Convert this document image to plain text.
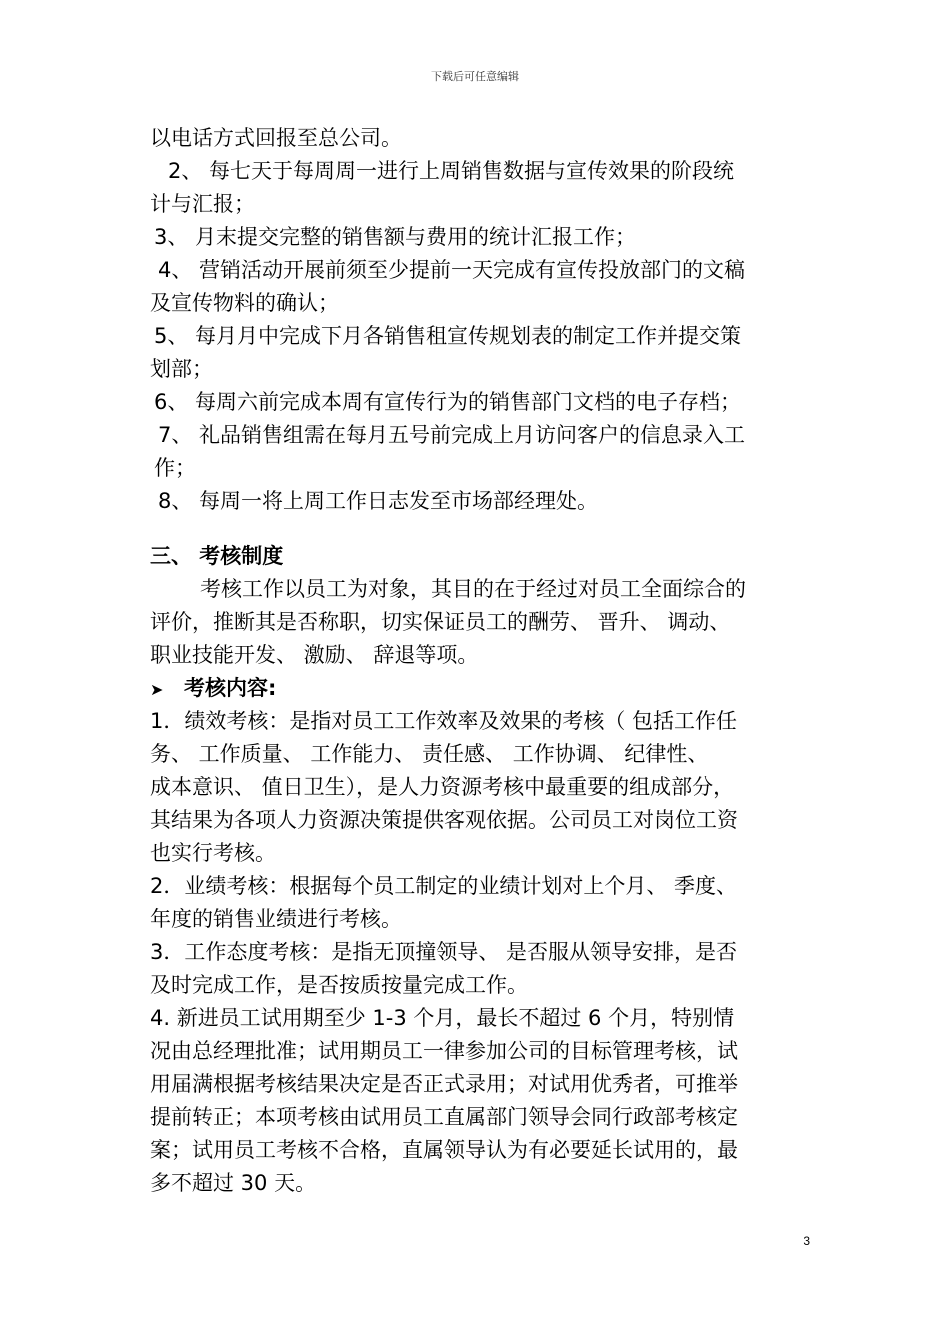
下载后可任意编辑
以电话方式回报至总公司。
2、 每七天于每周周一进行上周销售数据与宣传效果的阶段统
计与汇报；
3、 月末提交完整的销售额与费用的统计汇报工作；
4、 营销活动开展前须至少提前一天完成有宣传投放部门的文稿
及宣传物料的确认；
5、 每月月中完成下月各销售租宣传规划表的制定工作并提交策
划部；
6、 每周六前完成本周有宣传行为的销售部门文档的电子存档；
7、 礼品销售组需在每月五号前完成上月访问客户的信息录入工
作；
8、 每周一将上周工作日志发至市场部经理处。
三、 考核制度
考核工作以员工为对象，其目的在于经过对员工全面综合的
评价，推断其是否称职，切实保证员工的酬劳、 晋升、 调动、
职业技能开发、 激励、 辞退等项。
➤ 考核内容:
1．绩效考核：是指对员工工作效率及效果的考核（ 包括工作任
务、 工作质量、 工作能力、 责任感、 工作协调、 纪律性、
成本意识、 值日卫生），是人力资源考核中最重要的组成部分，
其结果为各项人力资源决策提供客观依据。公司员工对岗位工资
也实行考核。
2．业绩考核：根据每个员工制定的业绩计划对上个月、 季度、
年度的销售业绩进行考核。
3．工作态度考核：是指无顶撞领导、 是否服从领导安排，是否
及时完成工作，是否按质按量完成工作。
4. 新进员工试用期至少 1-3 个月，最长不超过 6 个月，特别情
况由总经理批准；试用期员工一律参加公司的目标管理考核，试
用届满根据考核结果决定是否正式录用；对试用优秀者，可推举
提前转正；本项考核由试用员工直属部门领导会同行政部考核定
案；试用员工考核不合格，直属领导认为有必要延长试用的，最
多不超过 30 天。
3
